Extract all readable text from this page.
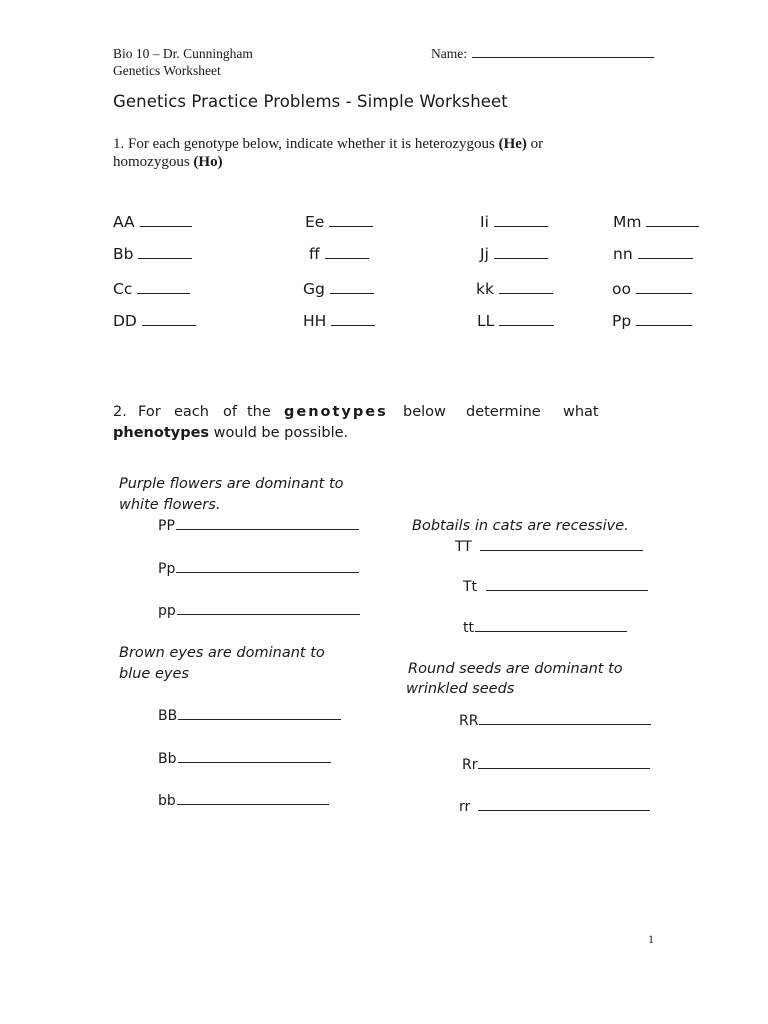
Bio 10 – Dr. Cunningham
Genetics Worksheet
Name:
Genetics Practice Problems - Simple Worksheet
1. For each genotype below, indicate whether it is heterozygous (He) or
homozygous (Ho)
AA	Ee	Ii	Mm
Bb	ff	Jj	nn
Cc	Gg	kk	oo
DD	HH	LL	Pp
2. For each of the genotypes below determine what
phenotypes would be possible.
Purple flowers are dominant to
white flowers.
PP
Pp
pp
Brown eyes are dominant to
blue eyes
BB
Bb
bb
Bobtails in cats are recessive.
TT
Tt
tt
Round seeds are dominant to
wrinkled seeds
RR
Rr
rr
1
